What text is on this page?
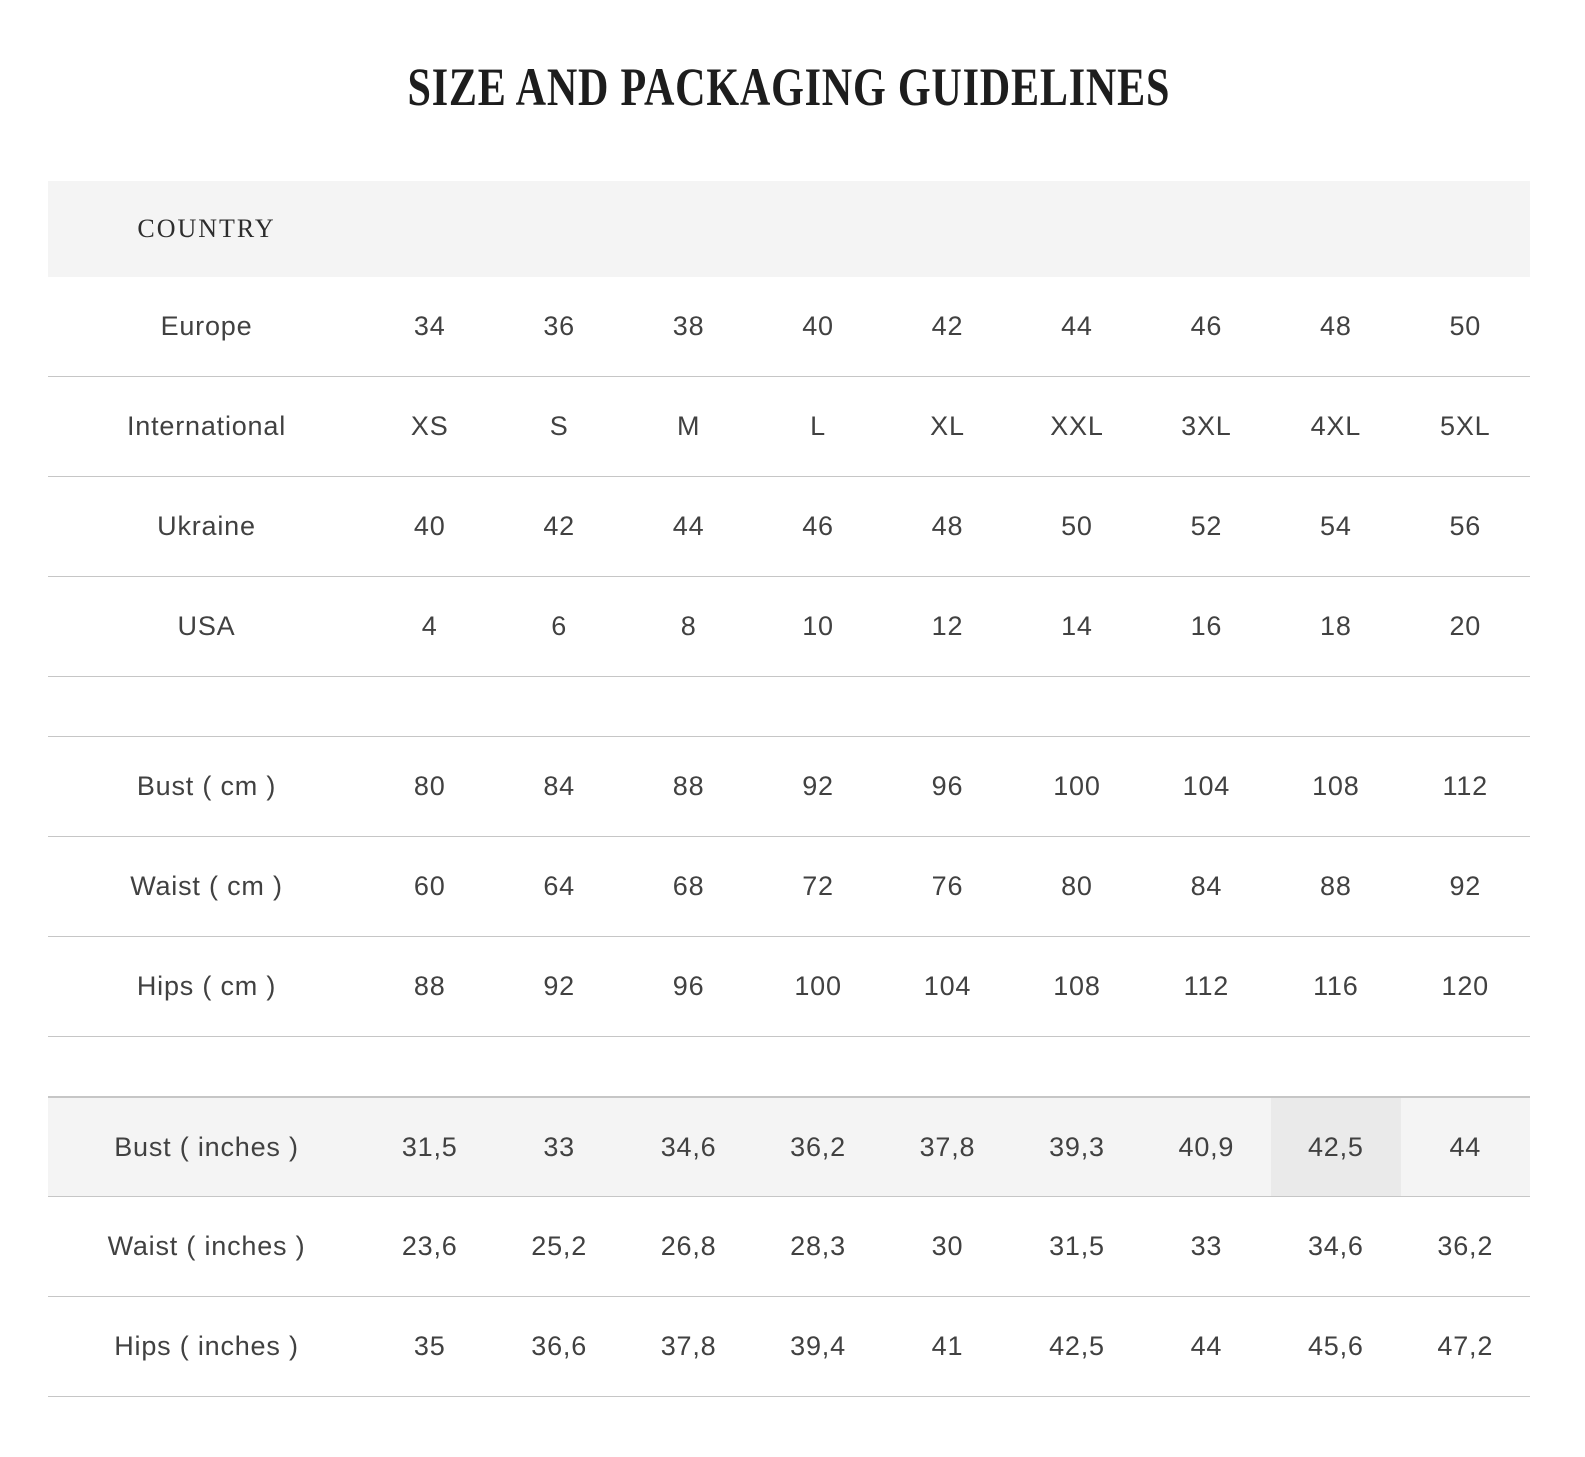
SIZE AND PACKAGING GUIDELINES
COUNTRY
Europe	34	36	38	40	42	44	46	48	50
International	XS	S	M	L	XL	XXL	3XL	4XL	5XL
Ukraine	40	42	44	46	48	50	52	54	56
USA	4	6	8	10	12	14	16	18	20
Bust ( cm )	80	84	88	92	96	100	104	108	112
Waist ( cm )	60	64	68	72	76	80	84	88	92
Hips ( cm )	88	92	96	100	104	108	112	116	120
Bust ( inches )	31,5	33	34,6	36,2	37,8	39,3	40,9	42,5	44
Waist ( inches )	23,6	25,2	26,8	28,3	30	31,5	33	34,6	36,2
Hips ( inches )	35	36,6	37,8	39,4	41	42,5	44	45,6	47,2
